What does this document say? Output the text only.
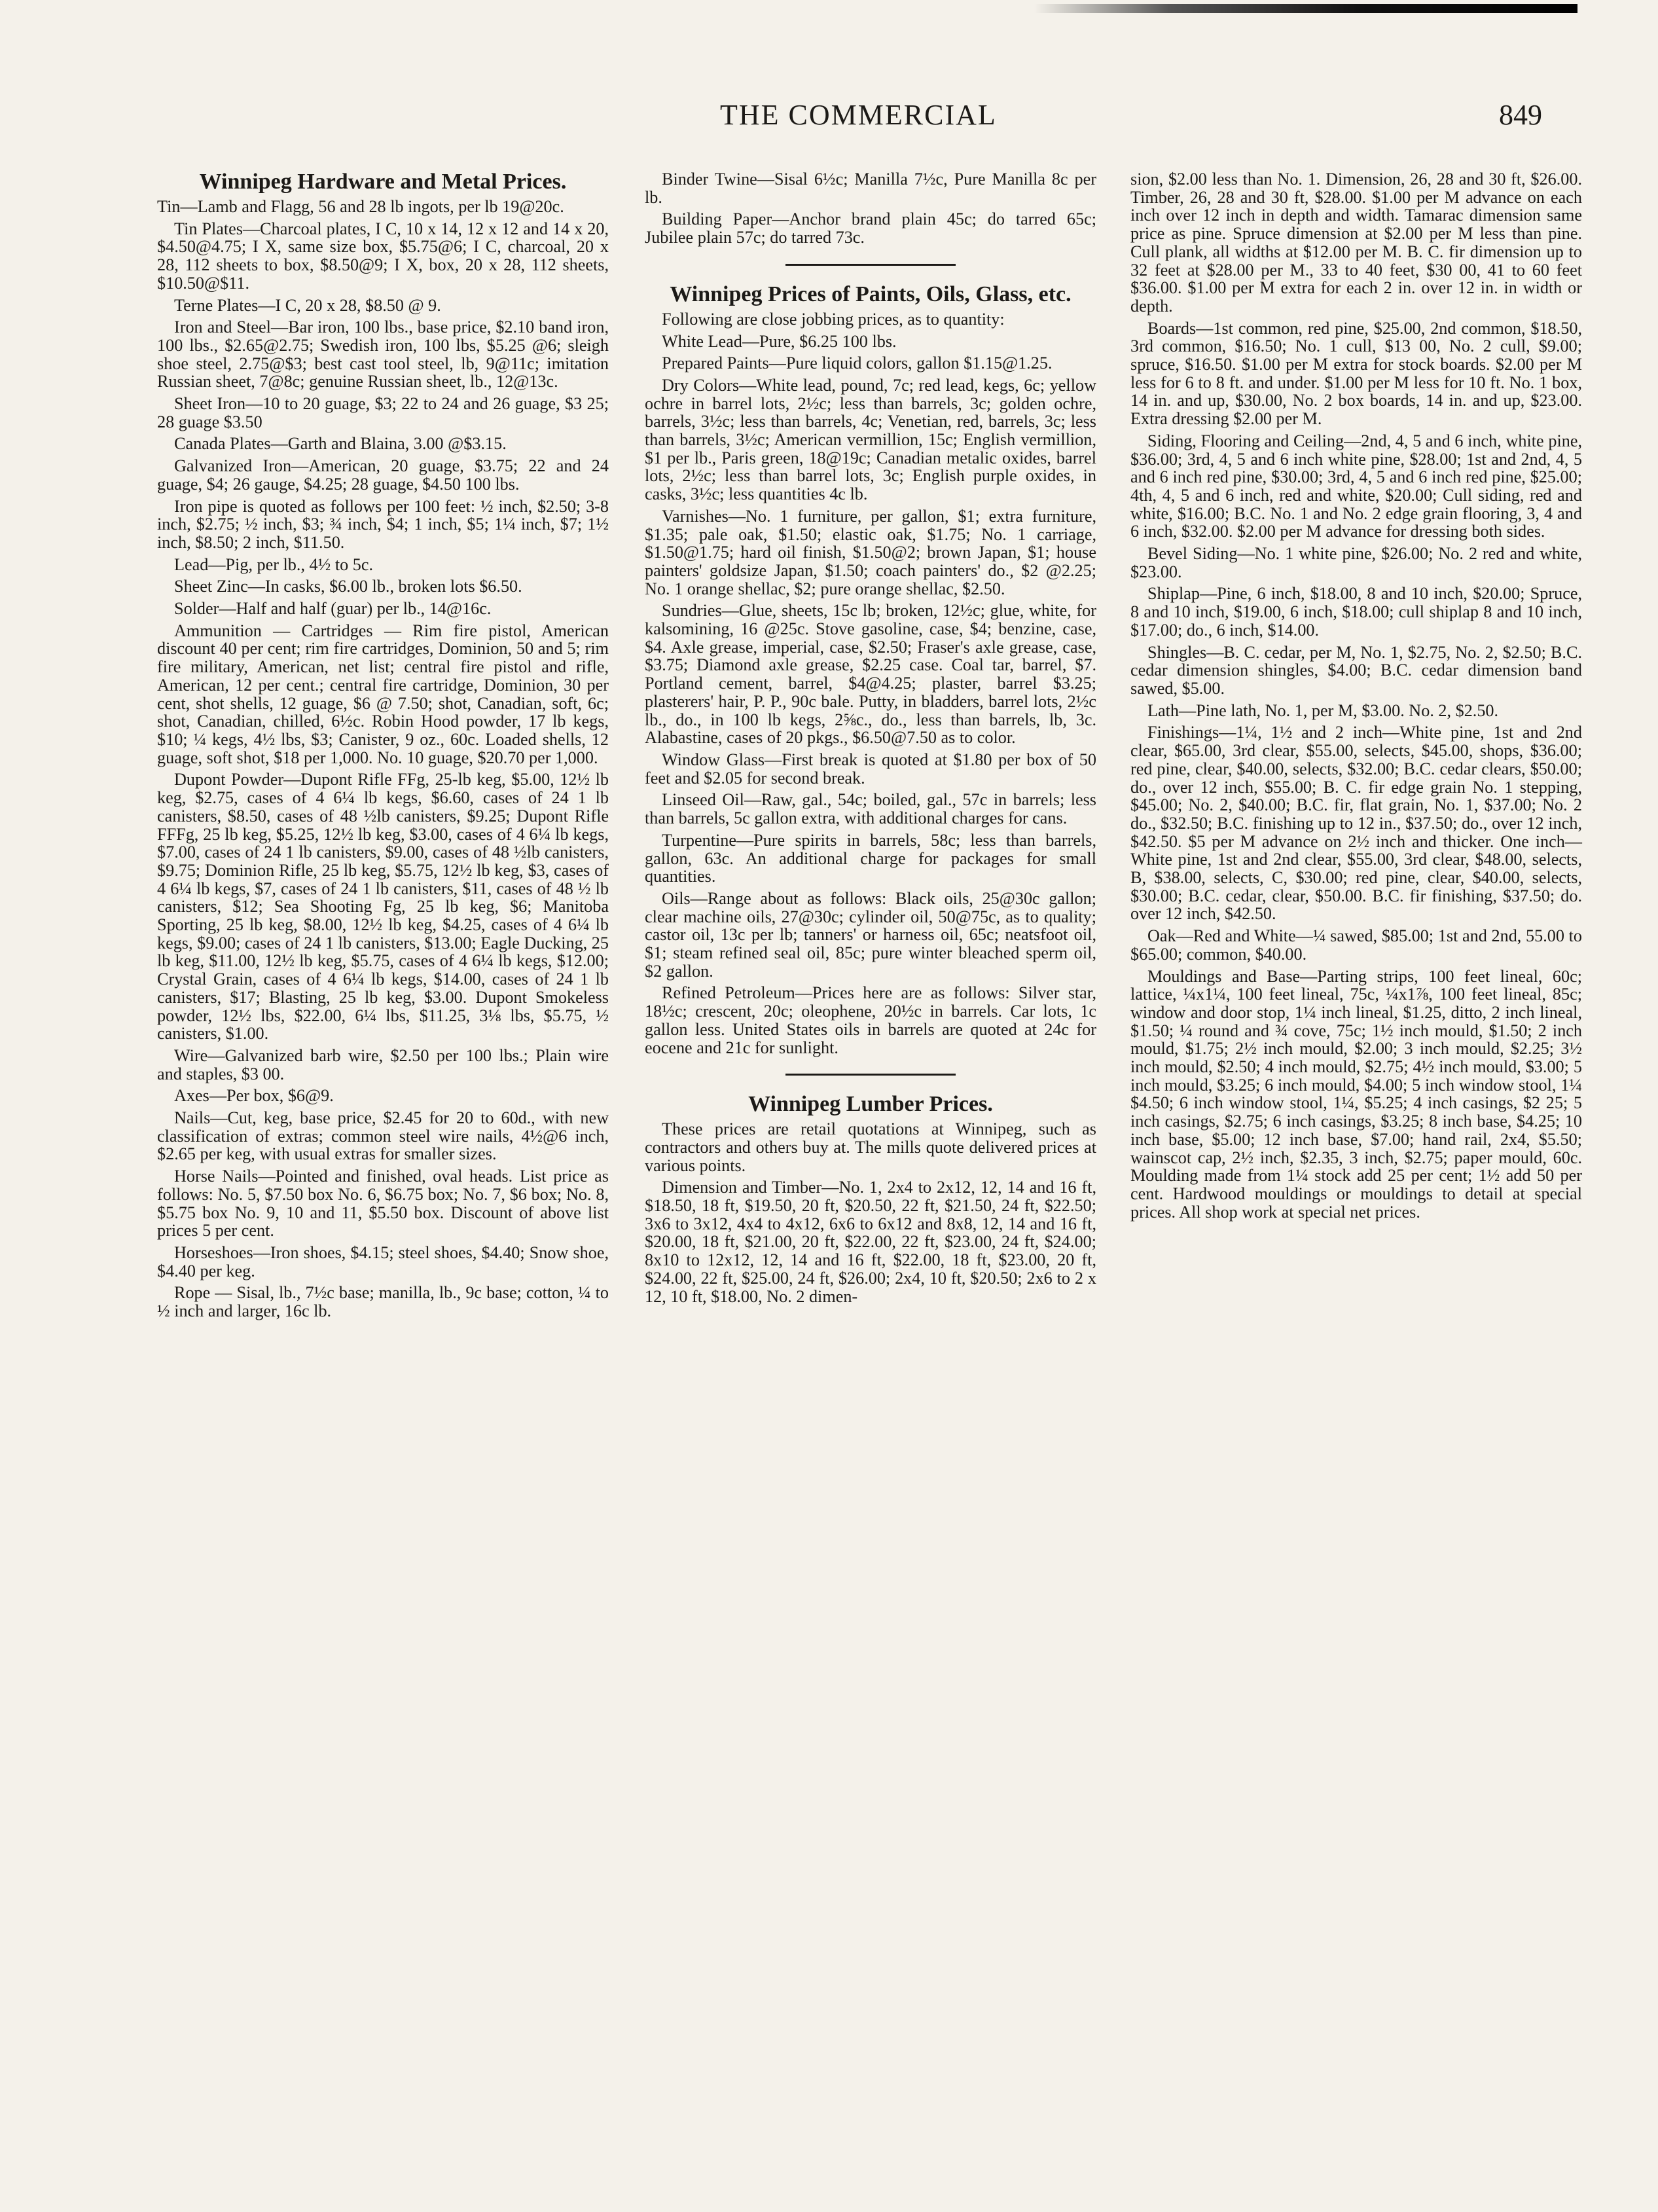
THE COMMERCIAL	849
Winnipeg Hardware and Metal Prices.

Tin—Lamb and Flagg, 56 and 28 lb ingots, per lb 19@20c.

Tin Plates—Charcoal plates, I C, 10 x 14, 12 x 12 and 14 x 20, $4.50@4.75; I X, same size box, $5.75@6; I C, charcoal, 20 x 28, 112 sheets to box, $8.50@9; I X, box, 20 x 28, 112 sheets, $10.50@$11.

Terne Plates—I C, 20 x 28, $8.50 @ 9.

Iron and Steel—Bar iron, 100 lbs., base price, $2.10 band iron, 100 lbs., $2.65@2.75; Swedish iron, 100 lbs, $5.25 @6; sleigh shoe steel, 2.75@$3; best cast tool steel, lb, 9@11c; imitation Russian sheet, 7@8c; genuine Russian sheet, lb., 12@13c.

Sheet Iron—10 to 20 guage, $3; 22 to 24 and 26 guage, $3 25; 28 guage $3.50

Canada Plates—Garth and Blaina, 3.00 @$3.15.

Galvanized Iron—American, 20 guage, $3.75; 22 and 24 guage, $4; 26 gauge, $4.25; 28 guage, $4.50 100 lbs.

Iron pipe is quoted as follows per 100 feet: ½ inch, $2.50; 3-8 inch, $2.75; ½ inch, $3; ¾ inch, $4; 1 inch, $5; 1¼ inch, $7; 1½ inch, $8.50; 2 inch, $11.50.

Lead—Pig, per lb., 4½ to 5c.

Sheet Zinc—In casks, $6.00 lb., broken lots $6.50.

Solder—Half and half (guar) per lb., 14@16c.

Ammunition — Cartridges — Rim fire pistol, American discount 40 per cent; rim fire cartridges, Dominion, 50 and 5; rim fire military, American, net list; central fire pistol and rifle, American, 12 per cent.; central fire cartridge, Dominion, 30 per cent, shot shells, 12 guage, $6 @ 7.50; shot, Canadian, soft, 6c; shot, Canadian, chilled, 6½c. Robin Hood powder, 17 lb kegs, $10; ¼ kegs, 4½ lbs, $3; Canister, 9 oz., 60c. Loaded shells, 12 guage, soft shot, $18 per 1,000. No. 10 guage, $20.70 per 1,000.

Dupont Powder—Dupont Rifle FFg, 25-lb keg, $5.00, 12½ lb keg, $2.75, cases of 4 6¼ lb kegs, $6.60, cases of 24 1 lb canisters, $8.50, cases of 48 ½lb canisters, $9.25; Dupont Rifle FFFg, 25 lb keg, $5.25, 12½ lb keg, $3.00, cases of 4 6¼ lb kegs, $7.00, cases of 24 1 lb canisters, $9.00, cases of 48 ½lb canisters, $9.75; Dominion Rifle, 25 lb keg, $5.75, 12½ lb keg, $3, cases of 4 6¼ lb kegs, $7, cases of 24 1 lb canisters, $11, cases of 48 ½ lb canisters, $12; Sea Shooting Fg, 25 lb keg, $6; Manitoba Sporting, 25 lb keg, $8.00, 12½ lb keg, $4.25, cases of 4 6¼ lb kegs, $9.00; cases of 24 1 lb canisters, $13.00; Eagle Ducking, 25 lb keg, $11.00, 12½ lb keg, $5.75, cases of 4 6¼ lb kegs, $12.00; Crystal Grain, cases of 4 6¼ lb kegs, $14.00, cases of 24 1 lb canisters, $17; Blasting, 25 lb keg, $3.00. Dupont Smokeless powder, 12½ lbs, $22.00, 6¼ lbs, $11.25, 3⅛ lbs, $5.75, ½ canisters, $1.00.

Wire—Galvanized barb wire, $2.50 per 100 lbs.; Plain wire and staples, $3 00.

Axes—Per box, $6@9.

Nails—Cut, keg, base price, $2.45 for 20 to 60d., with new classification of extras; common steel wire nails, 4½@6 inch, $2.65 per keg, with usual extras for smaller sizes.

Horse Nails—Pointed and finished, oval heads. List price as follows: No. 5, $7.50 box No. 6, $6.75 box; No. 7, $6 box; No. 8, $5.75 box No. 9, 10 and 11, $5.50 box. Discount of above list prices 5 per cent.

Horseshoes—Iron shoes, $4.15; steel shoes, $4.40; Snow shoe, $4.40 per keg.

Rope — Sisal, lb., 7½c base; manilla, lb., 9c base; cotton, ¼ to ½ inch and larger, 16c lb.

Binder Twine—Sisal 6½c; Manilla 7½c, Pure Manilla 8c per lb.

Building Paper—Anchor brand plain 45c; do tarred 65c; Jubilee plain 57c; do tarred 73c.

Winnipeg Prices of Paints, Oils, Glass, etc.

Following are close jobbing prices, as to quantity:

White Lead—Pure, $6.25 100 lbs.

Prepared Paints—Pure liquid colors, gallon $1.15@1.25.

Dry Colors—White lead, pound, 7c; red lead, kegs, 6c; yellow ochre in barrel lots, 2½c; less than barrels, 3c; golden ochre, barrels, 3½c; less than barrels, 4c; Venetian, red, barrels, 3c; less than barrels, 3½c; American vermillion, 15c; English vermillion, $1 per lb., Paris green, 18@19c; Canadian metalic oxides, barrel lots, 2½c; less than barrel lots, 3c; English purple oxides, in casks, 3½c; less quantities 4c lb.

Varnishes—No. 1 furniture, per gallon, $1; extra furniture, $1.35; pale oak, $1.50; elastic oak, $1.75; No. 1 carriage, $1.50@1.75; hard oil finish, $1.50@2; brown Japan, $1; house painters' goldsize Japan, $1.50; coach painters' do., $2 @2.25; No. 1 orange shellac, $2; pure orange shellac, $2.50.

Sundries—Glue, sheets, 15c lb; broken, 12½c; glue, white, for kalsomining, 16 @25c. Stove gasoline, case, $4; benzine, case, $4. Axle grease, imperial, case, $2.50; Fraser's axle grease, case, $3.75; Diamond axle grease, $2.25 case. Coal tar, barrel, $7. Portland cement, barrel, $4@4.25; plaster, barrel $3.25; plasterers' hair, P. P., 90c bale. Putty, in bladders, barrel lots, 2½c lb., do., in 100 lb kegs, 2⅝c., do., less than barrels, lb, 3c. Alabastine, cases of 20 pkgs., $6.50@7.50 as to color.

Window Glass—First break is quoted at $1.80 per box of 50 feet and $2.05 for second break.

Linseed Oil—Raw, gal., 54c; boiled, gal., 57c in barrels; less than barrels, 5c gallon extra, with additional charges for cans.

Turpentine—Pure spirits in barrels, 58c; less than barrels, gallon, 63c. An additional charge for packages for small quantities.

Oils—Range about as follows: Black oils, 25@30c gallon; clear machine oils, 27@30c; cylinder oil, 50@75c, as to quality; castor oil, 13c per lb; tanners' or harness oil, 65c; neatsfoot oil, $1; steam refined seal oil, 85c; pure winter bleached sperm oil, $2 gallon.

Refined Petroleum—Prices here are as follows: Silver star, 18½c; crescent, 20c; oleophene, 20½c in barrels. Car lots, 1c gallon less. United States oils in barrels are quoted at 24c for eocene and 21c for sunlight.

Winnipeg Lumber Prices.

These prices are retail quotations at Winnipeg, such as contractors and others buy at. The mills quote delivered prices at various points.

Dimension and Timber—No. 1, 2x4 to 2x12, 12, 14 and 16 ft, $18.50, 18 ft, $19.50, 20 ft, $20.50, 22 ft, $21.50, 24 ft, $22.50; 3x6 to 3x12, 4x4 to 4x12, 6x6 to 6x12 and 8x8, 12, 14 and 16 ft, $20.00, 18 ft, $21.00, 20 ft, $22.00, 22 ft, $23.00, 24 ft, $24.00; 8x10 to 12x12, 12, 14 and 16 ft, $22.00, 18 ft, $23.00, 20 ft, $24.00, 22 ft, $25.00, 24 ft, $26.00; 2x4, 10 ft, $20.50; 2x6 to 2 x 12, 10 ft, $18.00, No. 2 dimen-

sion, $2.00 less than No. 1. Dimension, 26, 28 and 30 ft, $26.00. Timber, 26, 28 and 30 ft, $28.00. $1.00 per M advance on each inch over 12 inch in depth and width. Tamarac dimension same price as pine. Spruce dimension at $2.00 per M less than pine. Cull plank, all widths at $12.00 per M. B. C. fir dimension up to 32 feet at $28.00 per M., 33 to 40 feet, $30 00, 41 to 60 feet $36.00. $1.00 per M extra for each 2 in. over 12 in. in width or depth.

Boards—1st common, red pine, $25.00, 2nd common, $18.50, 3rd common, $16.50; No. 1 cull, $13 00, No. 2 cull, $9.00; spruce, $16.50. $1.00 per M extra for stock boards. $2.00 per M less for 6 to 8 ft. and under. $1.00 per M less for 10 ft. No. 1 box, 14 in. and up, $30.00, No. 2 box boards, 14 in. and up, $23.00. Extra dressing $2.00 per M.

Siding, Flooring and Ceiling—2nd, 4, 5 and 6 inch, white pine, $36.00; 3rd, 4, 5 and 6 inch white pine, $28.00; 1st and 2nd, 4, 5 and 6 inch red pine, $30.00; 3rd, 4, 5 and 6 inch red pine, $25.00; 4th, 4, 5 and 6 inch, red and white, $20.00; Cull siding, red and white, $16.00; B.C. No. 1 and No. 2 edge grain flooring, 3, 4 and 6 inch, $32.00. $2.00 per M advance for dressing both sides.

Bevel Siding—No. 1 white pine, $26.00; No. 2 red and white, $23.00.

Shiplap—Pine, 6 inch, $18.00, 8 and 10 inch, $20.00; Spruce, 8 and 10 inch, $19.00, 6 inch, $18.00; cull shiplap 8 and 10 inch, $17.00; do., 6 inch, $14.00.

Shingles—B. C. cedar, per M, No. 1, $2.75, No. 2, $2.50; B.C. cedar dimension shingles, $4.00; B.C. cedar dimension band sawed, $5.00.

Lath—Pine lath, No. 1, per M, $3.00. No. 2, $2.50.

Finishings—1¼, 1½ and 2 inch—White pine, 1st and 2nd clear, $65.00, 3rd clear, $55.00, selects, $45.00, shops, $36.00; red pine, clear, $40.00, selects, $32.00; B.C. cedar clears, $50.00; do., over 12 inch, $55.00; B. C. fir edge grain No. 1 stepping, $45.00; No. 2, $40.00; B.C. fir, flat grain, No. 1, $37.00; No. 2 do., $32.50; B.C. finishing up to 12 in., $37.50; do., over 12 inch, $42.50. $5 per M advance on 2½ inch and thicker. One inch—White pine, 1st and 2nd clear, $55.00, 3rd clear, $48.00, selects, B, $38.00, selects, C, $30.00; red pine, clear, $40.00, selects, $30.00; B.C. cedar, clear, $50.00. B.C. fir finishing, $37.50; do. over 12 inch, $42.50.

Oak—Red and White—¼ sawed, $85.00; 1st and 2nd, 55.00 to $65.00; common, $40.00.

Mouldings and Base—Parting strips, 100 feet lineal, 60c; lattice, ¼x1¼, 100 feet lineal, 75c, ¼x1⅞, 100 feet lineal, 85c; window and door stop, 1¼ inch lineal, $1.25, ditto, 2 inch lineal, $1.50; ¼ round and ¾ cove, 75c; 1½ inch mould, $1.50; 2 inch mould, $1.75; 2½ inch mould, $2.00; 3 inch mould, $2.25; 3½ inch mould, $2.50; 4 inch mould, $2.75; 4½ inch mould, $3.00; 5 inch mould, $3.25; 6 inch mould, $4.00; 5 inch window stool, 1¼ $4.50; 6 inch window stool, 1¼, $5.25; 4 inch casings, $2 25; 5 inch casings, $2.75; 6 inch casings, $3.25; 8 inch base, $4.25; 10 inch base, $5.00; 12 inch base, $7.00; hand rail, 2x4, $5.50; wainscot cap, 2½ inch, $2.35, 3 inch, $2.75; paper mould, 60c. Moulding made from 1¼ stock add 25 per cent; 1½ add 50 per cent. Hardwood mouldings or mouldings to detail at special prices. All shop work at special net prices.
